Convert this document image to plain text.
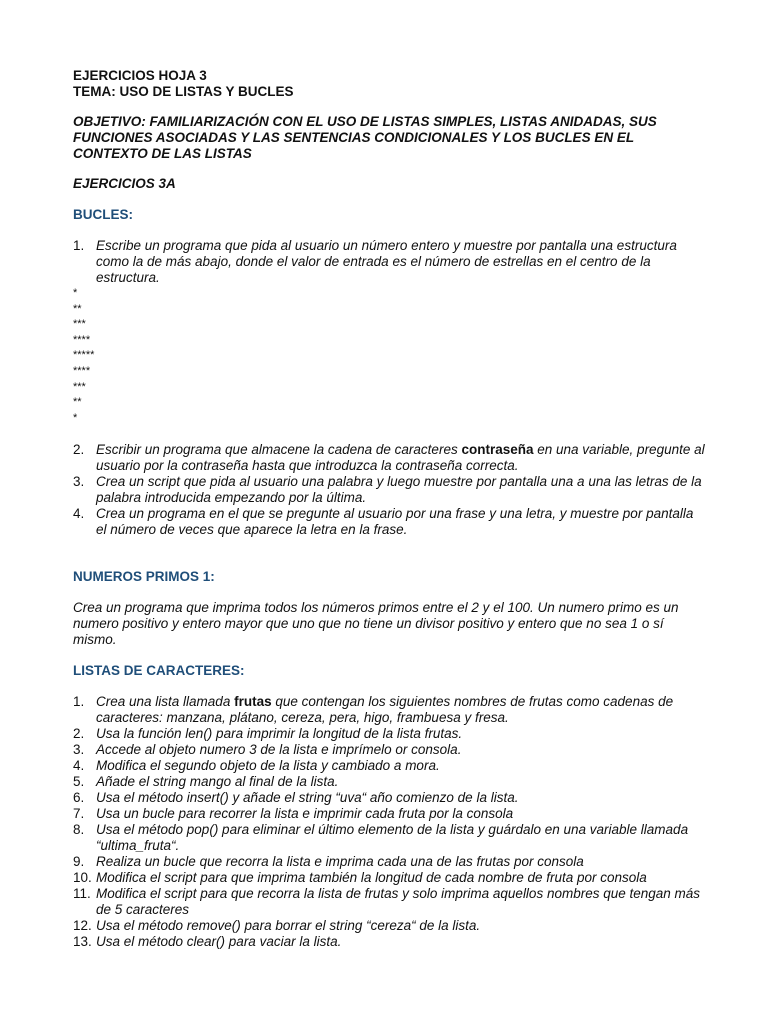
EJERCICIOS HOJA 3

TEMA: USO DE LISTAS Y BUCLES

OBJETIVO: FAMILIARIZACIÓN CON EL USO DE LISTAS SIMPLES, LISTAS ANIDADAS, SUS FUNCIONES ASOCIADAS Y LAS SENTENCIAS CONDICIONALES Y LOS BUCLES EN EL CONTEXTO DE LAS LISTAS

EJERCICIOS 3A

BUCLES:

1. Escribe un programa que pida al usuario un número entero y muestre por pantalla una estructura como la de más abajo, donde el valor de entrada es el número de estrellas en el centro de la estructura.
*
**
***
****
*****
****
***
**
*
2. Escribir un programa que almacene la cadena de caracteres contraseña en una variable, pregunte al usuario por la contraseña hasta que introduzca la contraseña correcta.
3. Crea un script que pida al usuario una palabra y luego muestre por pantalla una a una las letras de la palabra introducida empezando por la última.
4. Crea un programa en el que se pregunte al usuario por una frase y una letra, y muestre por pantalla el número de veces que aparece la letra en la frase.

NUMEROS PRIMOS 1:

Crea un programa que imprima todos los números primos entre el 2 y el 100. Un numero primo es un numero positivo y entero mayor que uno que no tiene un divisor positivo y entero que no sea 1 o sí mismo.

LISTAS DE CARACTERES:

1. Crea una lista llamada frutas que contengan los siguientes nombres de frutas como cadenas de caracteres: manzana, plátano, cereza, pera, higo, frambuesa y fresa.
2. Usa la función len() para imprimir la longitud de la lista frutas.
3. Accede al objeto numero 3 de la lista e imprímelo or consola.
4. Modifica el segundo objeto de la lista y cambiado a mora.
5. Añade el string mango al final de la lista.
6. Usa el método insert() y añade el string “uva“ año comienzo de la lista.
7. Usa un bucle para recorrer la lista e imprimir cada fruta por la consola
8. Usa el método pop() para eliminar el último elemento de la lista y guárdalo en una variable llamada “ultima_fruta“.
9. Realiza un bucle que recorra la lista e imprima cada una de las frutas por consola
10. Modifica el script para que imprima también la longitud de cada nombre de fruta por consola
11. Modifica el script para que recorra la lista de frutas y solo imprima aquellos nombres que tengan más de 5 caracteres
12. Usa el método remove() para borrar el string “cereza“ de la lista.
13. Usa el método clear() para vaciar la lista.
